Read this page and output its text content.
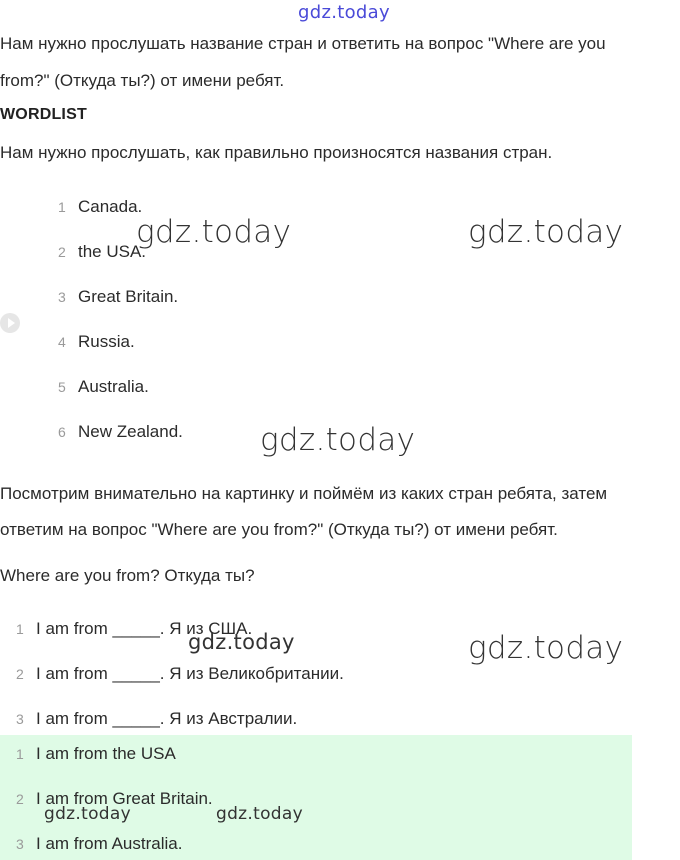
gdz.today
Нам нужно прослушать название стран и ответить на вопрос "Where are you
from?" (Откуда ты?) от имени ребят.
WORDLIST
Нам нужно прослушать, как правильно произносятся названия стран.
1 Canada.
2 the USA.
3 Great Britain.
4 Russia.
5 Australia.
6 New Zealand.
Посмотрим внимательно на картинку и поймём из каких стран ребята, затем
ответим на вопрос "Where are you from?" (Откуда ты?) от имени ребят.
Where are you from? Откуда ты?
1 I am from _____. Я из США.
2 I am from _____. Я из Великобритании.
3 I am from _____. Я из Австралии.
1 I am from the USA
2 I am from Great Britain.
3 I am from Australia.
gdz.today	gdz.today
gdz.today
gdz.today	gdz.today
gdz.today	gdz.today
